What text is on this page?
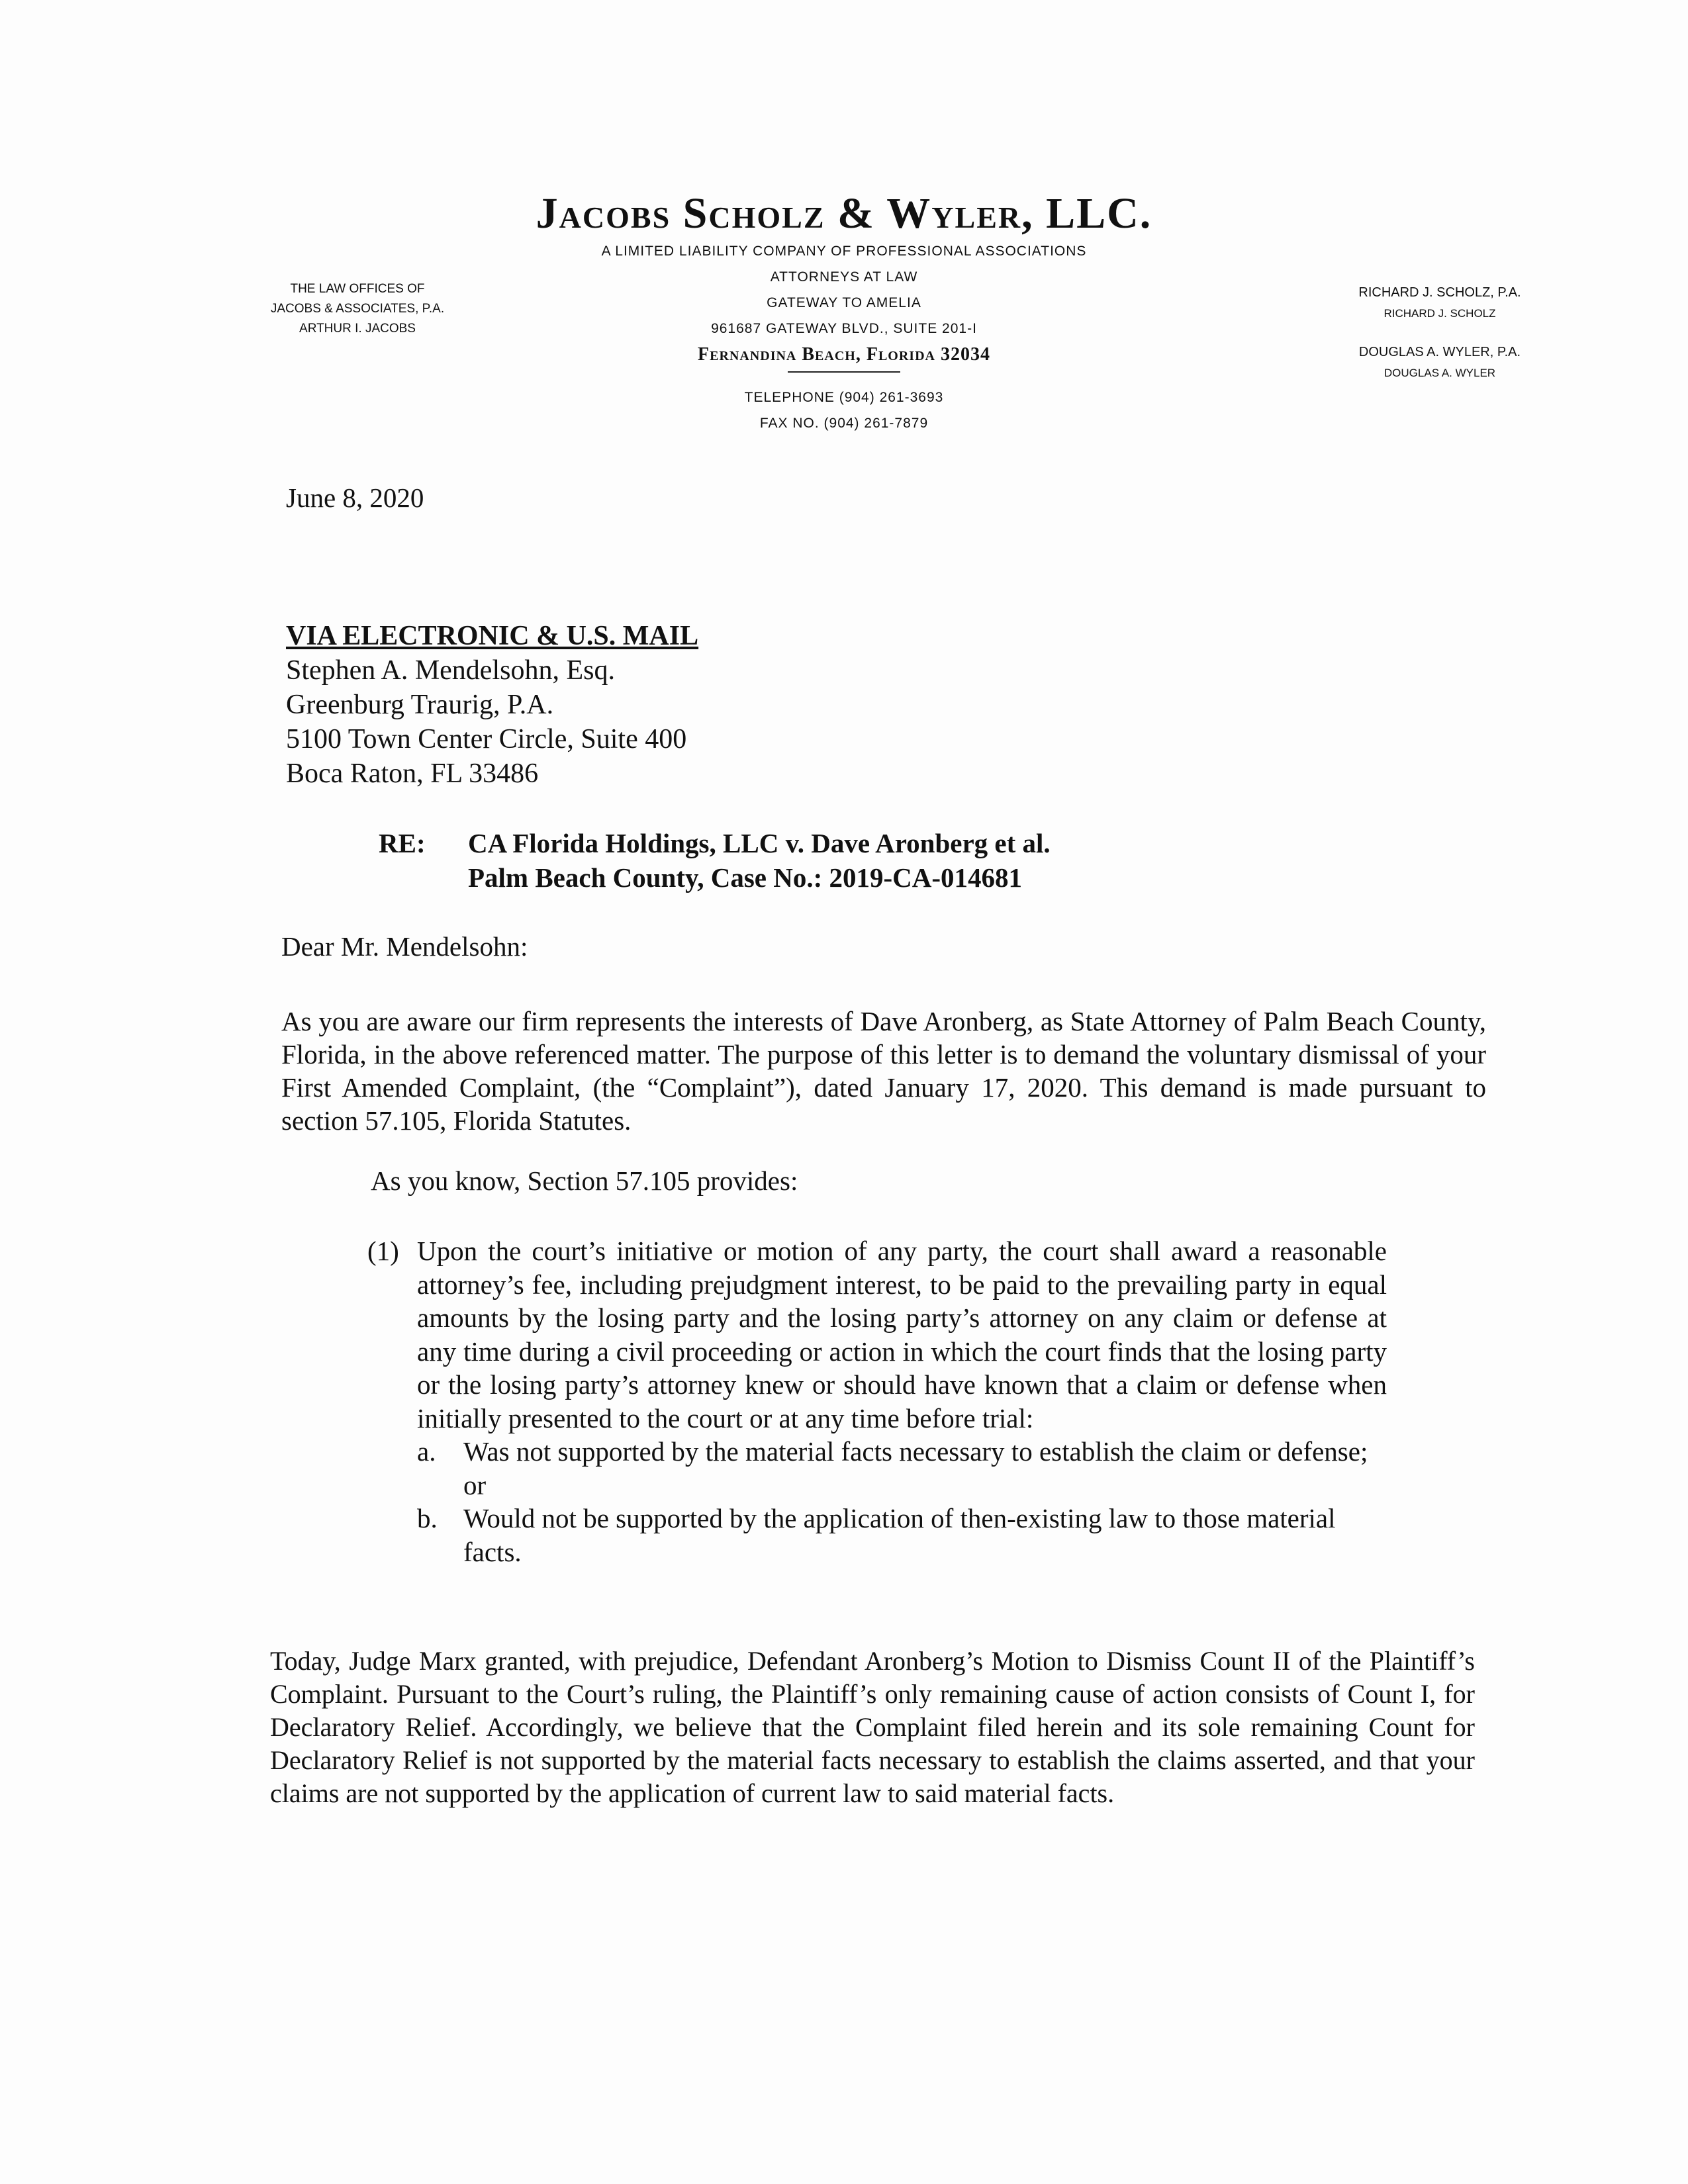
Jacobs Scholz & Wyler, LLC.
A LIMITED LIABILITY COMPANY OF PROFESSIONAL ASSOCIATIONS
ATTORNEYS AT LAW
GATEWAY TO AMELIA
961687 GATEWAY BLVD., SUITE 201-I
Fernandina Beach, Florida 32034
TELEPHONE (904) 261-3693
FAX NO. (904) 261-7879
THE LAW OFFICES OF
JACOBS & ASSOCIATES, P.A.
ARTHUR I. JACOBS
RICHARD J. SCHOLZ, P.A.
RICHARD J. SCHOLZ
DOUGLAS A. WYLER, P.A.
DOUGLAS A. WYLER
June 8, 2020
VIA ELECTRONIC & U.S. MAIL
Stephen A. Mendelsohn, Esq.
Greenburg Traurig, P.A.
5100 Town Center Circle, Suite 400
Boca Raton, FL 33486
RE: CA Florida Holdings, LLC v. Dave Aronberg et al.
Palm Beach County, Case No.: 2019-CA-014681
Dear Mr. Mendelsohn:
As you are aware our firm represents the interests of Dave Aronberg, as State Attorney of Palm Beach County, Florida, in the above referenced matter. The purpose of this letter is to demand the voluntary dismissal of your First Amended Complaint, (the “Complaint”), dated January 17, 2020. This demand is made pursuant to section 57.105, Florida Statutes.
As you know, Section 57.105 provides:
(1) Upon the court’s initiative or motion of any party, the court shall award a reasonable attorney’s fee, including prejudgment interest, to be paid to the prevailing party in equal amounts by the losing party and the losing party’s attorney on any claim or defense at any time during a civil proceeding or action in which the court finds that the losing party or the losing party’s attorney knew or should have known that a claim or defense when initially presented to the court or at any time before trial:
a. Was not supported by the material facts necessary to establish the claim or defense; or
b. Would not be supported by the application of then-existing law to those material facts.
Today, Judge Marx granted, with prejudice, Defendant Aronberg’s Motion to Dismiss Count II of the Plaintiff’s Complaint. Pursuant to the Court’s ruling, the Plaintiff’s only remaining cause of action consists of Count I, for Declaratory Relief. Accordingly, we believe that the Complaint filed herein and its sole remaining Count for Declaratory Relief is not supported by the material facts necessary to establish the claims asserted, and that your claims are not supported by the application of current law to said material facts.
